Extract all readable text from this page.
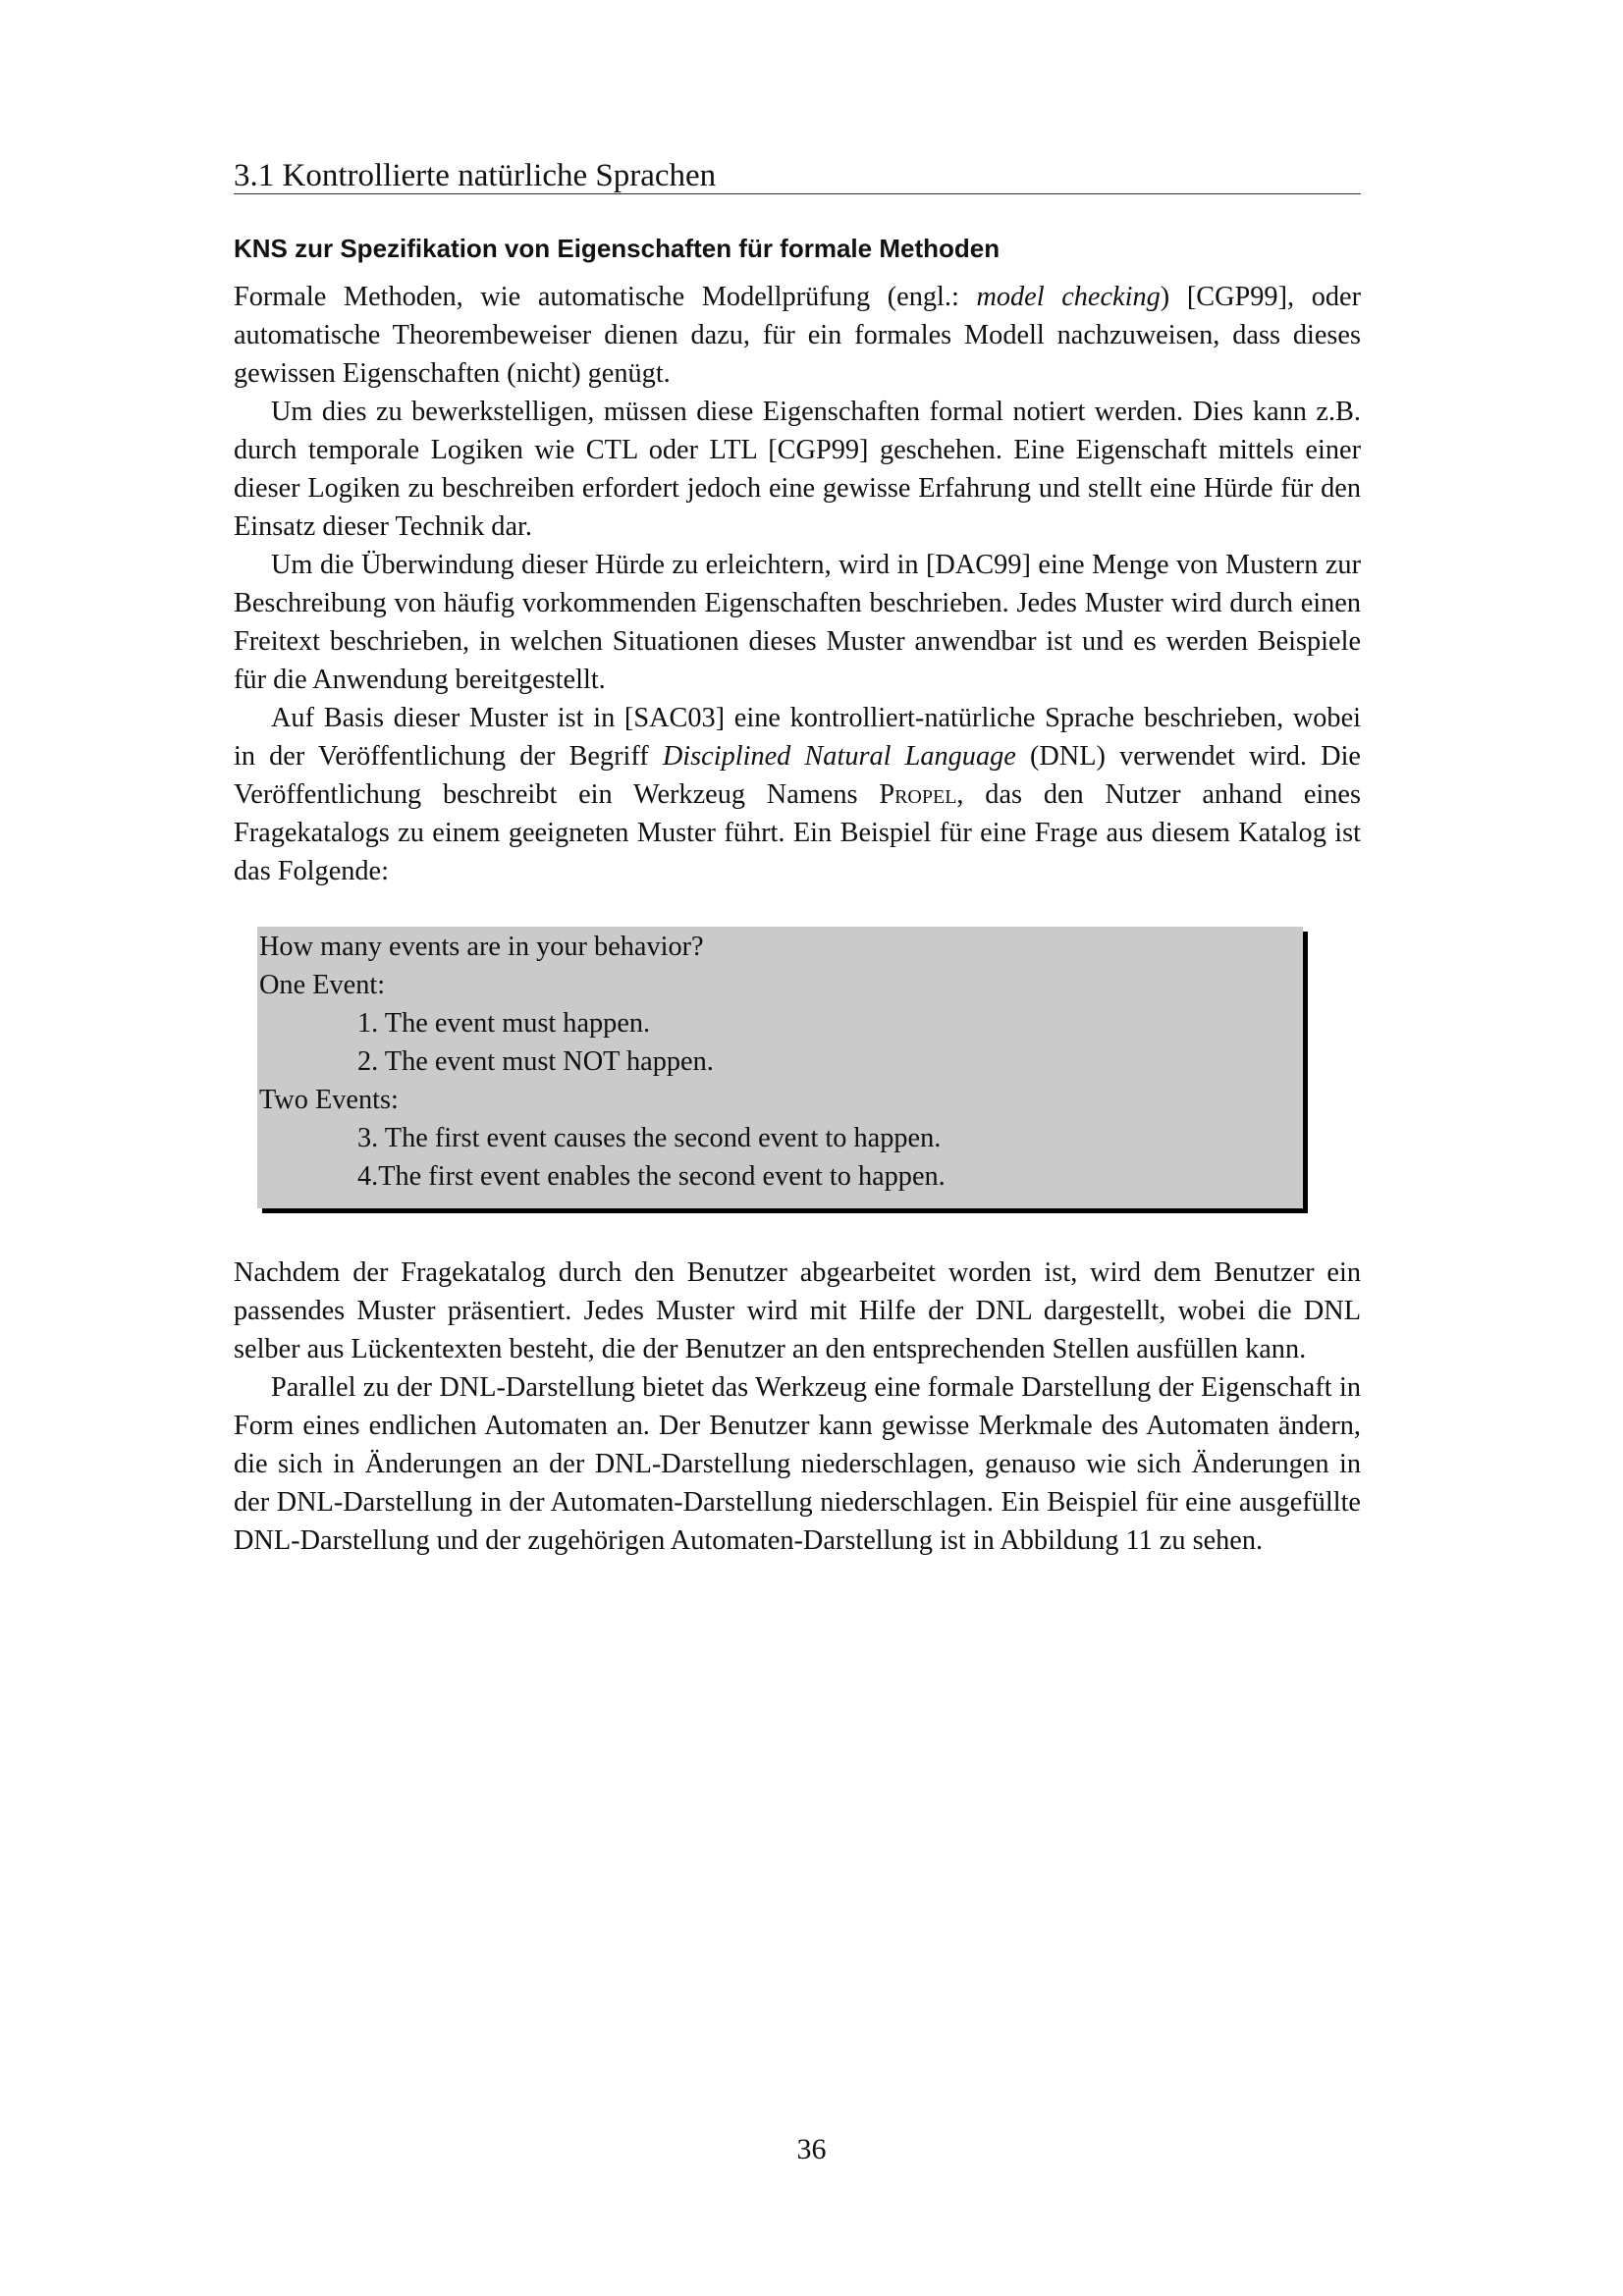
3.1 Kontrollierte natürliche Sprachen
KNS zur Spezifikation von Eigenschaften für formale Methoden

Formale Methoden, wie automatische Modellprüfung (engl.: model checking) [CGP99], oder automatische Theorembeweiser dienen dazu, für ein formales Modell nachzuweisen, dass dieses gewissen Eigenschaften (nicht) genügt.

Um dies zu bewerkstelligen, müssen diese Eigenschaften formal notiert werden. Dies kann z.B. durch temporale Logiken wie CTL oder LTL [CGP99] geschehen. Eine Eigenschaft mittels einer dieser Logiken zu beschreiben erfordert jedoch eine gewisse Erfahrung und stellt eine Hürde für den Einsatz dieser Technik dar.

Um die Überwindung dieser Hürde zu erleichtern, wird in [DAC99] eine Menge von Mustern zur Beschreibung von häufig vorkommenden Eigenschaften beschrieben. Jedes Muster wird durch einen Freitext beschrieben, in welchen Situationen dieses Muster anwendbar ist und es werden Beispiele für die Anwendung bereitgestellt.

Auf Basis dieser Muster ist in [SAC03] eine kontrolliert-natürliche Sprache beschrieben, wobei in der Veröffentlichung der Begriff Disciplined Natural Language (DNL) verwendet wird. Die Veröffentlichung beschreibt ein Werkzeug Namens Propel, das den Nutzer anhand eines Fragekatalogs zu einem geeigneten Muster führt. Ein Beispiel für eine Frage aus diesem Katalog ist das Folgende:

How many events are in your behavior?
One Event:
1. The event must happen.
2. The event must NOT happen.
Two Events:
3. The first event causes the second event to happen.
4.The first event enables the second event to happen.

Nachdem der Fragekatalog durch den Benutzer abgearbeitet worden ist, wird dem Benutzer ein passendes Muster präsentiert. Jedes Muster wird mit Hilfe der DNL dargestellt, wobei die DNL selber aus Lückentexten besteht, die der Benutzer an den entsprechenden Stellen ausfüllen kann.

Parallel zu der DNL-Darstellung bietet das Werkzeug eine formale Darstellung der Eigenschaft in Form eines endlichen Automaten an. Der Benutzer kann gewisse Merkmale des Automaten ändern, die sich in Änderungen an der DNL-Darstellung niederschlagen, genauso wie sich Änderungen in der DNL-Darstellung in der Automaten-Darstellung niederschlagen. Ein Beispiel für eine ausgefüllte DNL-Darstellung und der zugehörigen Automaten-Darstellung ist in Abbildung 11 zu sehen.

36
